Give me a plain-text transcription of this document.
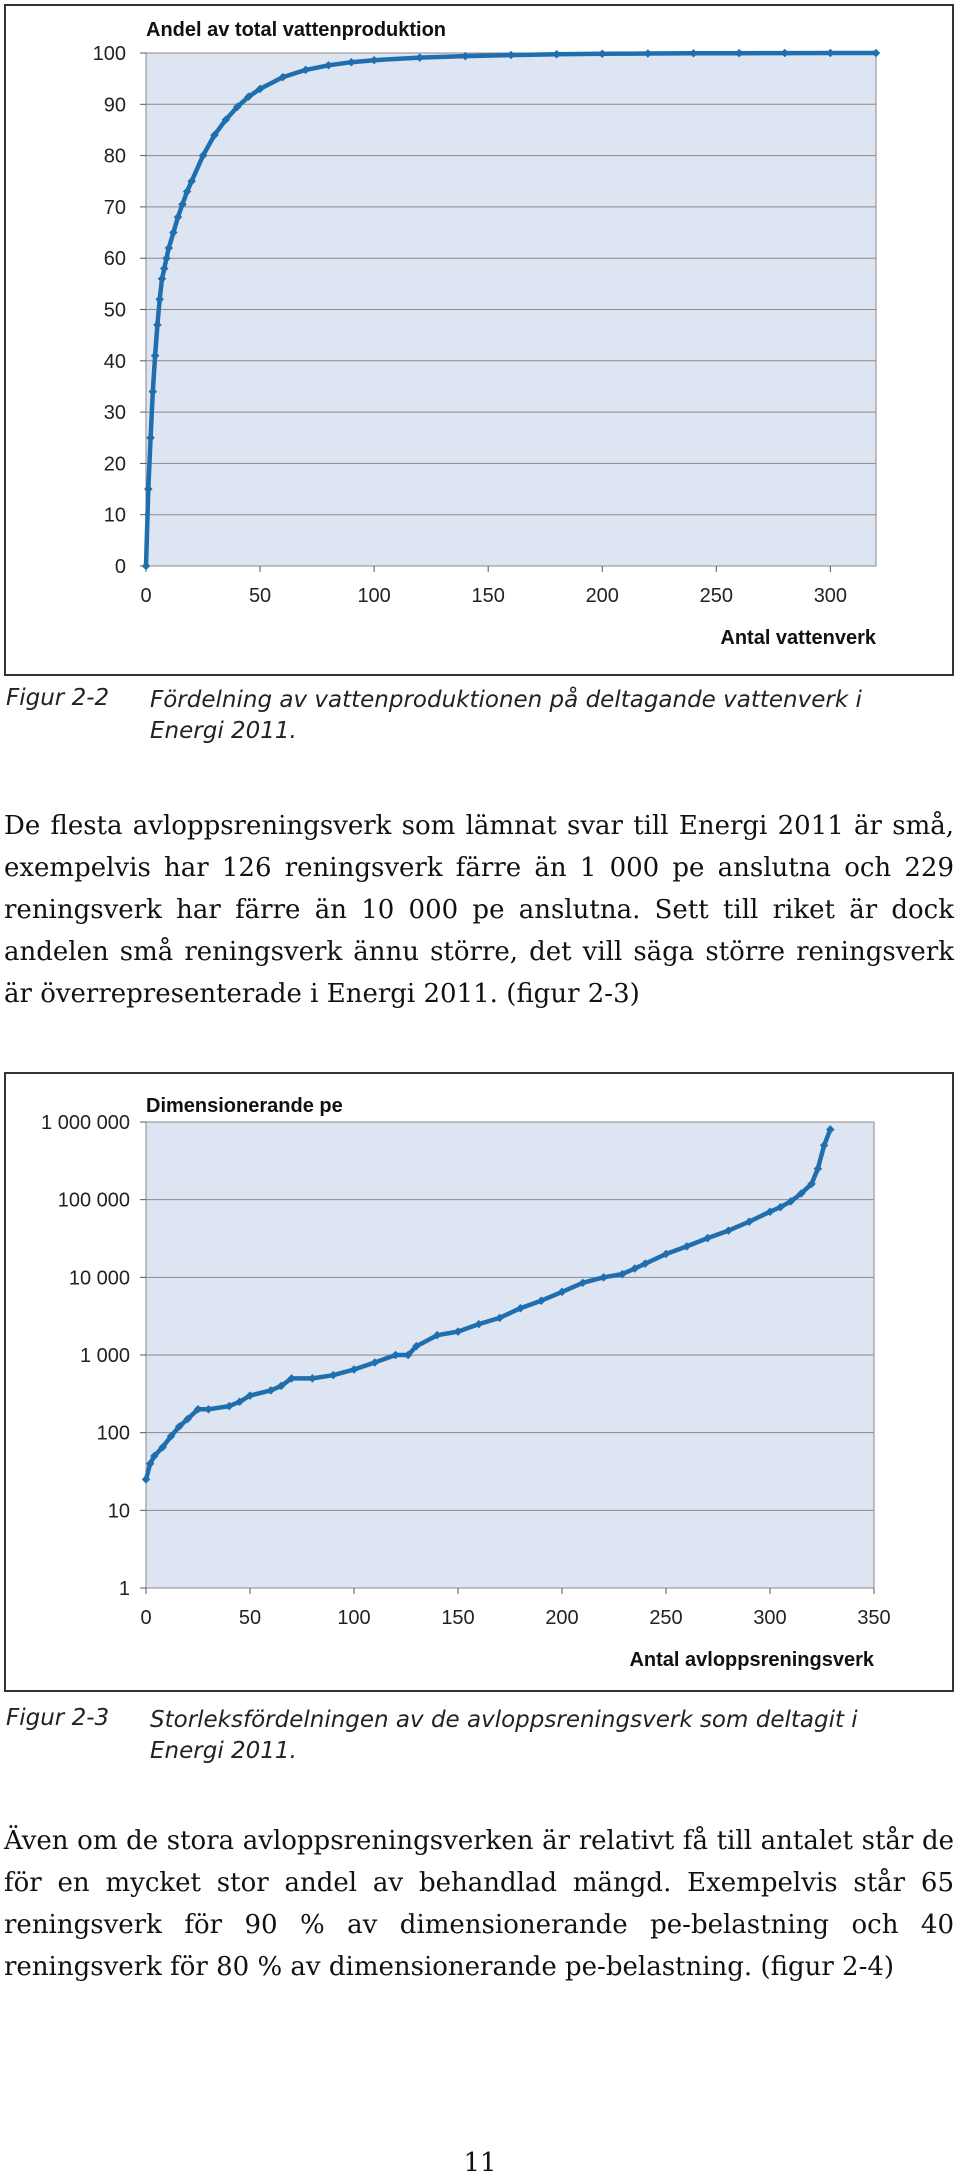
0
10
20
30
40
50
60
70
80
90
100
0	50	100	150	200	250	300
Andel av total vattenproduktion
Antal vattenverk
Figur 2-2 Fördelning av vattenproduktionen på deltagande vattenverk i Energi 2011.
De flesta avloppsreningsverk som lämnat svar till Energi 2011 är små, exempelvis har 126 reningsverk färre än 1 000 pe anslutna och 229 reningsverk har färre än 10 000 pe anslutna. Sett till riket är dock andelen små reningsverk ännu större, det vill säga större reningsverk är överrepresenterade i Energi 2011. (figur 2-3)
1
10
100
1 000
10 000
100 000
1 000 000
0	50	100	150	200	250	300	350
Dimensionerande pe
Antal avloppsreningsverk
Figur 2-3 Storleksfördelningen av de avloppsreningsverk som deltagit i Energi 2011.
Även om de stora avloppsreningsverken är relativt få till antalet står de för en mycket stor andel av behandlad mängd. Exempelvis står 65 reningsverk för 90 % av dimensionerande pe-belastning och 40 reningsverk för 80 % av dimensionerande pe-belastning. (figur 2-4)
11
